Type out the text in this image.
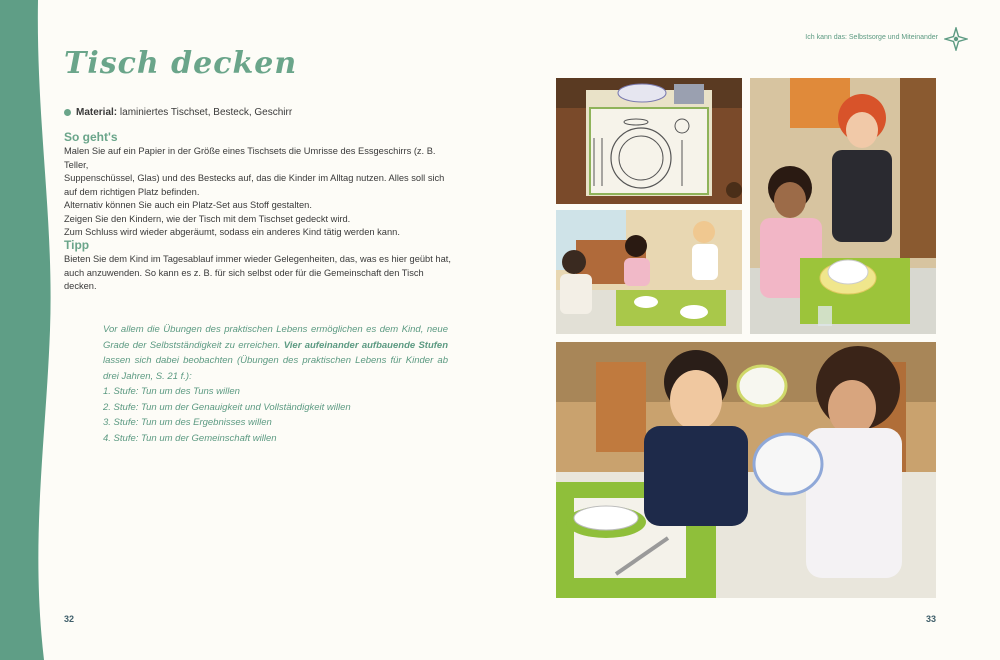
Tisch decken
Material: laminiertes Tischset, Besteck, Geschirr
So geht's

Malen Sie auf ein Papier in der Größe eines Tischsets die Umrisse des Essgeschirrs (z. B. Teller,

Suppenschüssel, Glas) und des Bestecks auf, das die Kinder im Alltag nutzen. Alles soll sich

auf dem richtigen Platz befinden.

Alternativ können Sie auch ein Platz-Set aus Stoff gestalten.

Zeigen Sie den Kindern, wie der Tisch mit dem Tischset gedeckt wird.

Zum Schluss wird wieder abgeräumt, sodass ein anderes Kind tätig werden kann.

Tipp

Bieten Sie dem Kind im Tagesablauf immer wieder Gelegenheiten, das, was es hier geübt hat,

auch anzuwenden. So kann es z. B. für sich selbst oder für die Gemeinschaft den Tisch decken.

Vor allem die Übungen des praktischen Lebens ermöglichen es dem Kind, neue Grade der Selbstständigkeit zu erreichen. Vier aufeinander aufbauende Stufen lassen sich dabei beobachten (Übungen des praktischen Lebens für Kinder ab drei Jahren, S. 21 f.):

1. Stufe: Tun um des Tuns willen

2. Stufe: Tun um der Genauigkeit und Vollständigkeit willen

3. Stufe: Tun um des Ergebnisses willen

4. Stufe: Tun um der Gemeinschaft willen

32	33
Ich kann das: Selbstsorge und Miteinander
